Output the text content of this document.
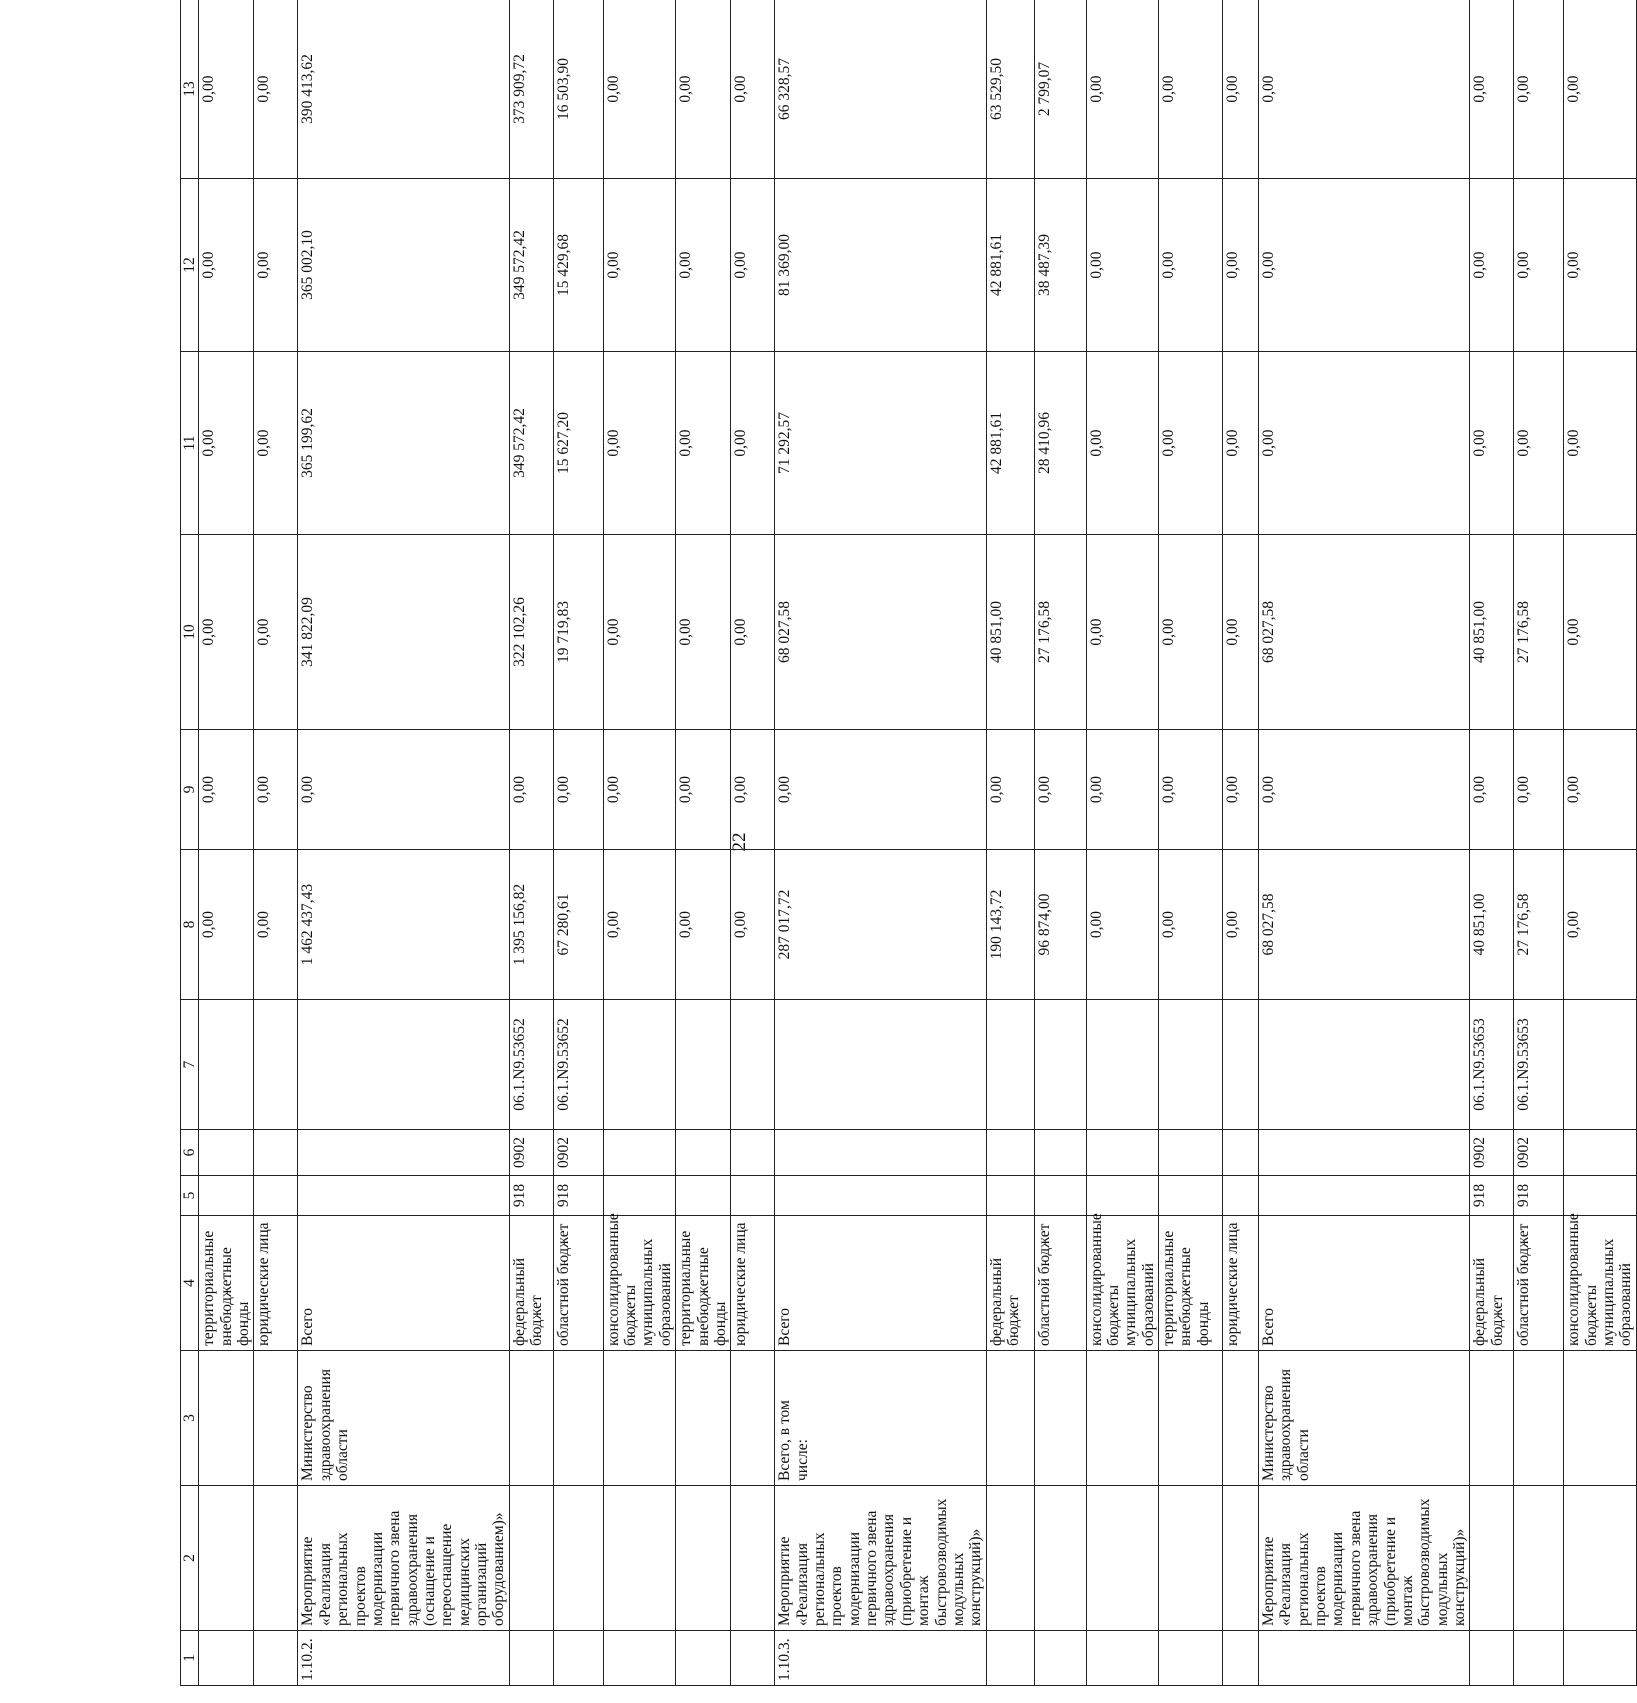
22
1	2	3	4	5	6	7	8	9	10	11	12	13
			территориальные внебюджетные фонды				0,00	0,00	0,00	0,00	0,00	0,00
			юридические лица				0,00	0,00	0,00	0,00	0,00	0,00
1.10.2.	Мероприятие «Реализация региональных проектов модернизации первичного звена здравоохранения (оснащение и переоснащение медицинских организаций оборудованием)»	Министерство здравоохранения области	Всего				1 462 437,43	0,00	341 822,09	365 199,62	365 002,10	390 413,62
			федеральный бюджет	918	0902	06.1.N9.53652	1 395 156,82	0,00	322 102,26	349 572,42	349 572,42	373 909,72
			областной бюджет	918	0902	06.1.N9.53652	67 280,61	0,00	19 719,83	15 627,20	15 429,68	16 503,90
			консолидированные бюджеты муниципальных образований				0,00	0,00	0,00	0,00	0,00	0,00
			территориальные внебюджетные фонды				0,00	0,00	0,00	0,00	0,00	0,00
			юридические лица				0,00	0,00	0,00	0,00	0,00	0,00
1.10.3.	Мероприятие «Реализация региональных проектов модернизации первичного звена здравоохранения (приобретение и монтаж быстровозводимых модульных конструкций)»	Всего, в том числе:	Всего				287 017,72	0,00	68 027,58	71 292,57	81 369,00	66 328,57
			федеральный бюджет				190 143,72	0,00	40 851,00	42 881,61	42 881,61	63 529,50
			областной бюджет				96 874,00	0,00	27 176,58	28 410,96	38 487,39	2 799,07
			консолидированные бюджеты муниципальных образований				0,00	0,00	0,00	0,00	0,00	0,00
			территориальные внебюджетные фонды				0,00	0,00	0,00	0,00	0,00	0,00
			юридические лица				0,00	0,00	0,00	0,00	0,00	0,00
	Мероприятие «Реализация региональных проектов модернизации первичного звена здравоохранения (приобретение и монтаж быстровозводимых модульных конструкций)»	Министерство здравоохранения области	Всего				68 027,58	0,00	68 027,58	0,00	0,00	0,00
			федеральный бюджет	918	0902	06.1.N9.53653	40 851,00	0,00	40 851,00	0,00	0,00	0,00
			областной бюджет	918	0902	06.1.N9.53653	27 176,58	0,00	27 176,58	0,00	0,00	0,00
			консолидированные бюджеты муниципальных образований				0,00	0,00	0,00	0,00	0,00	0,00
